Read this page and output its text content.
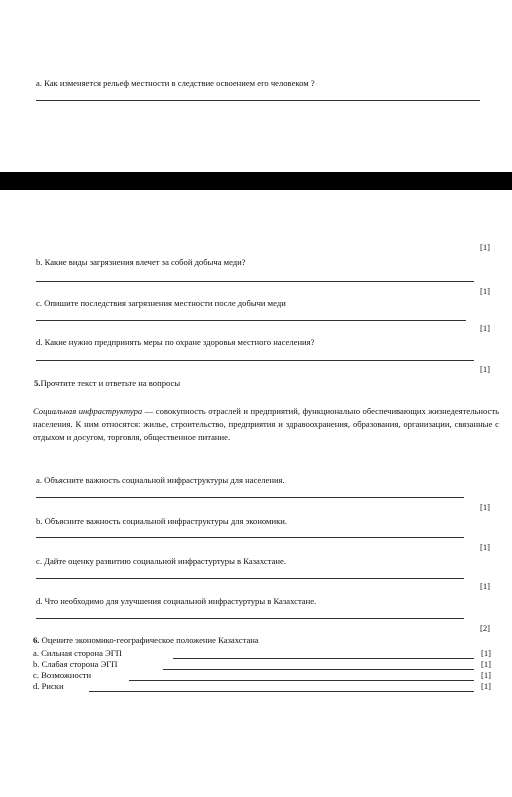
а. Как изменяется рельеф местности в следствие освоением его человеком ?
[1]
b. Какие виды загрязнения влечет за собой добыча меди?
[1]
c. Опишите последствия загрязнения местности после добычи меди
[1]
d. Какие нужно предпринять меры по охране здоровья местного населения?
[1]
5.Прочтите текст и ответьте на вопросы
Социальная инфраструктура — совокупность отраслей и предприятий, функционально обеспечивающих жизнедеятельность населения. К ним относятся: жилье, строительство, предприятия и здравоохранения, образования, организации, связанные с отдыхом и досугом, торговля, общественное питание.
а. Объясните важность социальной инфраструктуры для населения.
[1]
b. Объясните важность социальной инфраструктуры для экономики.
[1]
c. Дайте оценку развитию социальной инфрастуртуры в Казахстане.
[1]
d. Что необходимо для улучшения социальной инфрастуртуры в Казахстане.
[2]
6. Оцените экономико-географическое положение Казахстана
а. Сильная сторона ЭГП	[1]
b. Слабая сторона ЭГП	[1]
c. Возможности	[1]
d. Риски	[1]
